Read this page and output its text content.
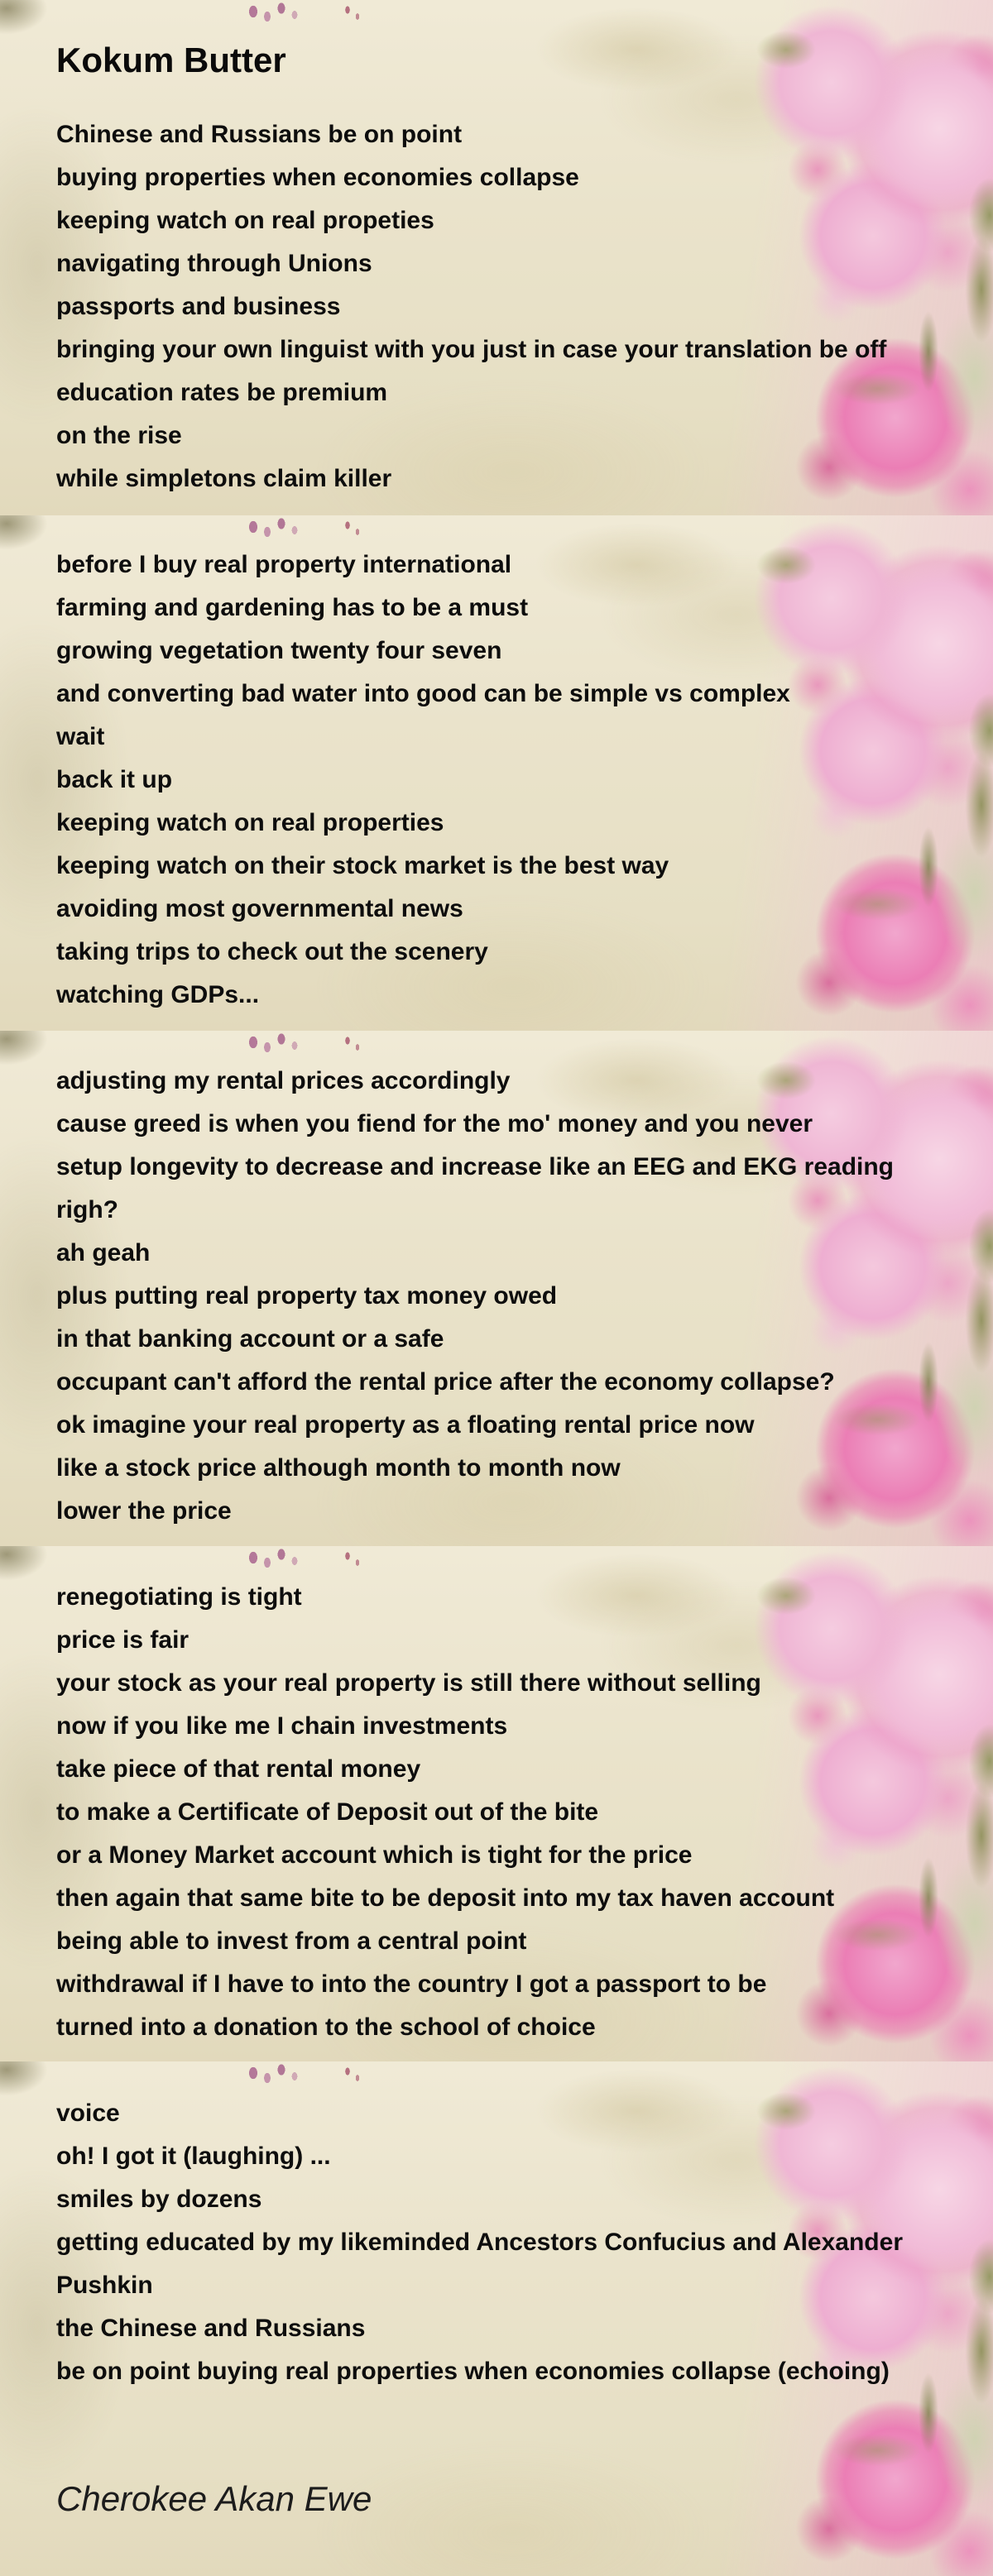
Kokum Butter

Chinese and Russians be on point
buying properties when economies collapse
keeping watch on real propeties
navigating through Unions
passports and business
bringing your own linguist with you just in case your translation be off
education rates be premium
on the rise
while simpletons claim killer

before I buy real property international
farming and gardening has to be a must
growing vegetation twenty four seven
and converting bad water into good can be simple vs complex
wait
back it up
keeping watch on real properties
keeping watch on their stock market is the best way
avoiding most governmental news
taking trips to check out the scenery
watching GDPs...

adjusting my rental prices accordingly
cause greed is when you fiend for the mo' money and you never
setup longevity to decrease and increase like an EEG and EKG reading
righ?
ah geah
plus putting real property tax money owed
in that banking account or a safe
occupant can't afford the rental price after the economy collapse?
ok imagine your real property as a floating rental price now
like a stock price although month to month now
lower the price

renegotiating is tight
price is fair
your stock as your real property is still there without selling
now if you like me I chain investments
take piece of that rental money
to make a Certificate of Deposit out of the bite
or a Money Market account which is tight for the price
then again that same bite to be deposit into my tax haven account
being able to invest from a central point
withdrawal if I have to into the country I got a passport to be
turned into a donation to the school of choice

voice
oh! I got it (laughing) ...
smiles by dozens
getting educated by my likeminded Ancestors Confucius and Alexander
Pushkin
the Chinese and Russians
be on point buying real properties when economies collapse (echoing)

Cherokee Akan Ewe
